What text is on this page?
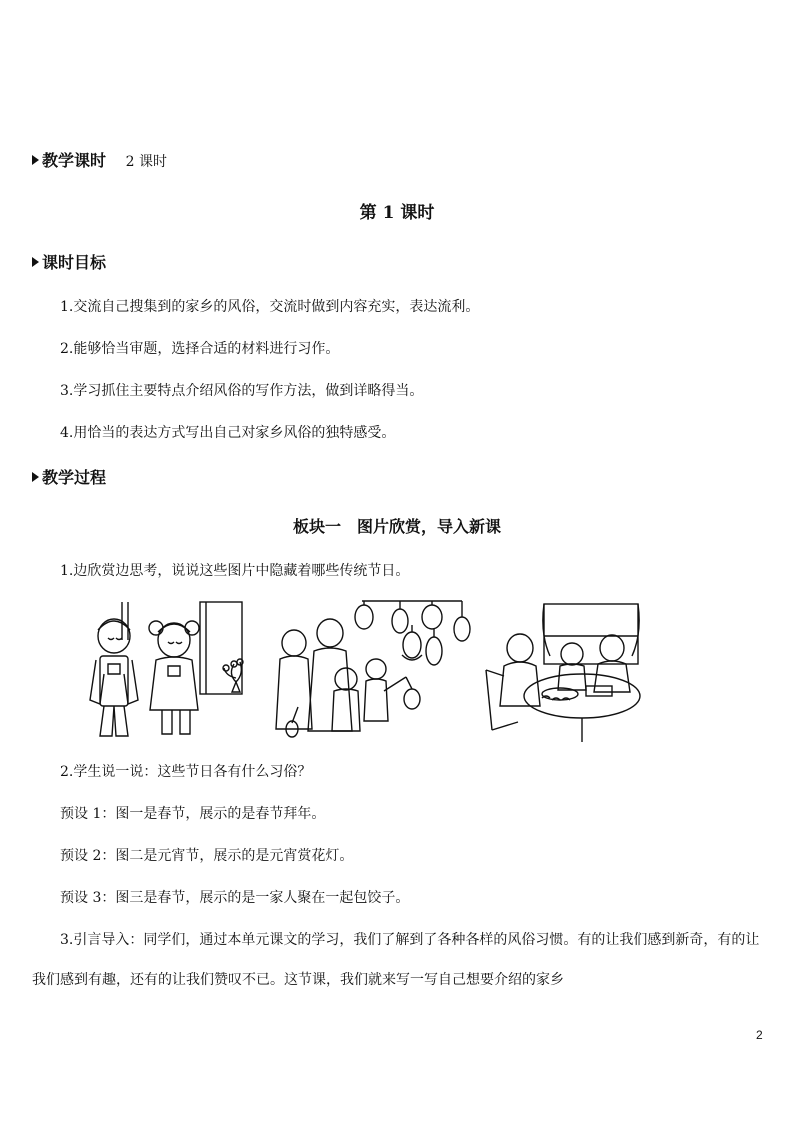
教学课时 2 课时
第 1 课时
课时目标
1.交流自己搜集到的家乡的风俗，交流时做到内容充实，表达流利。
2.能够恰当审题，选择合适的材料进行习作。
3.学习抓住主要特点介绍风俗的写作方法，做到详略得当。
4.用恰当的表达方式写出自己对家乡风俗的独特感受。
教学过程
板块一　图片欣赏，导入新课
1.边欣赏边思考，说说这些图片中隐藏着哪些传统节日。
2.学生说一说：这些节日各有什么习俗？
预设 1：图一是春节，展示的是春节拜年。
预设 2：图二是元宵节，展示的是元宵赏花灯。
预设 3：图三是春节，展示的是一家人聚在一起包饺子。
3.引言导入：同学们，通过本单元课文的学习，我们了解到了各种各样的风俗习惯。有的让我们感到新奇，有的让我们感到有趣，还有的让我们赞叹不已。这节课，我们就来写一写自己想要介绍的家乡
2
